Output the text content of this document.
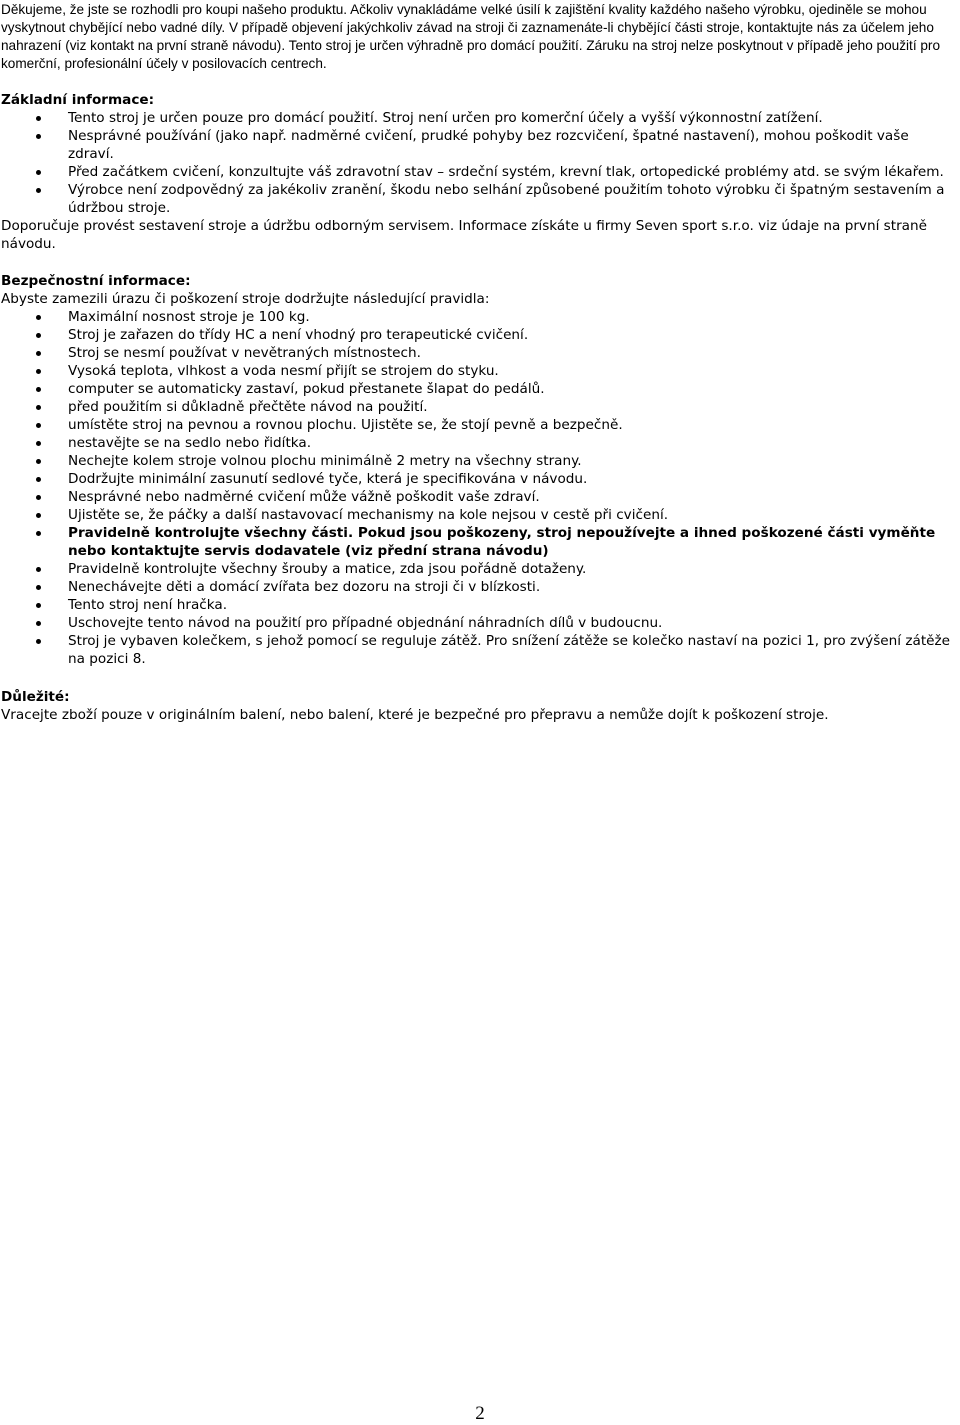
Děkujeme, že jste se rozhodli pro koupi našeho produktu. Ačkoliv vynakládáme velké úsilí k zajištění kvality každého našeho výrobku, ojediněle se mohou vyskytnout chybějící nebo vadné díly. V případě objevení jakýchkoliv závad na stroji či zaznamenáte-li chybějící části stroje, kontaktujte nás za účelem jeho nahrazení (viz kontakt na první straně návodu). Tento stroj je určen výhradně pro domácí použití. Záruku na stroj nelze poskytnout v případě jeho použití pro komerční, profesionální účely v posilovacích centrech.
Základní informace:
Tento stroj je určen pouze pro domácí použití. Stroj není určen pro komerční účely a vyšší výkonnostní zatížení.
Nesprávné používání (jako např. nadměrné cvičení, prudké pohyby bez rozcvičení, špatné nastavení), mohou poškodit vaše zdraví.
Před začátkem cvičení, konzultujte váš zdravotní stav – srdeční systém, krevní tlak, ortopedické problémy atd. se svým lékařem.
Výrobce není zodpovědný za jakékoliv zranění, škodu nebo selhání způsobené použitím tohoto výrobku či špatným sestavením a údržbou stroje.
Doporučuje provést sestavení stroje a údržbu odborným servisem. Informace získáte u firmy Seven sport s.r.o. viz údaje na první straně návodu.
Bezpečnostní informace:
Abyste zamezili úrazu či poškození stroje dodržujte následující pravidla:
Maximální nosnost stroje je 100 kg.
Stroj je zařazen do třídy HC a není vhodný pro terapeutické cvičení.
Stroj se nesmí používat v nevětraných místnostech.
Vysoká teplota, vlhkost a voda nesmí přijít se strojem do styku.
computer se automaticky zastaví, pokud přestanete šlapat do pedálů.
před použitím si důkladně přečtěte návod na použití.
umístěte stroj na pevnou a rovnou plochu. Ujistěte se, že stojí pevně a bezpečně.
nestavějte se na sedlo nebo řidítka.
Nechejte kolem stroje volnou plochu minimálně 2 metry na všechny strany.
Dodržujte minimální zasunutí sedlové tyče, která je specifikována v návodu.
Nesprávné nebo nadměrné cvičení může vážně poškodit vaše zdraví.
Ujistěte se, že páčky a další nastavovací mechanismy na kole nejsou v cestě při cvičení.
Pravidelně kontrolujte všechny části. Pokud jsou poškozeny, stroj nepoužívejte a ihned poškozené části vyměňte nebo kontaktujte servis dodavatele (viz přední strana návodu)
Pravidelně kontrolujte všechny šrouby a matice, zda jsou pořádně dotaženy.
Nenechávejte děti a domácí zvířata bez dozoru na stroji či v blízkosti.
Tento stroj není hračka.
Uschovejte tento návod na použití pro případné objednání náhradních dílů v budoucnu.
Stroj je vybaven kolečkem, s jehož pomocí se reguluje zátěž. Pro snížení zátěže se kolečko nastaví na pozici 1, pro zvýšení zátěže na pozici 8.
Důležité:
Vracejte zboží pouze v originálním balení, nebo balení, které je bezpečné pro přepravu a nemůže dojít k poškození stroje.
2
